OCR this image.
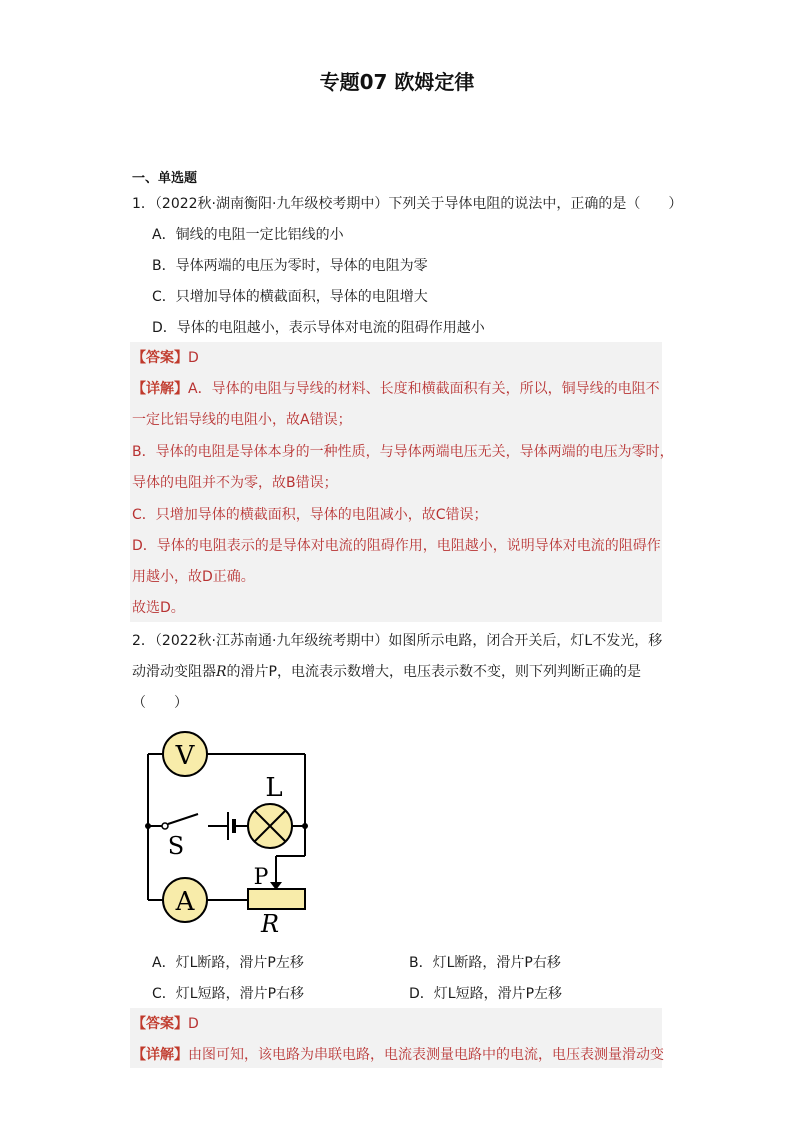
专题07 欧姆定律
一、单选题
1．（2022秋·湖南衡阳·九年级校考期中）下列关于导体电阻的说法中，正确的是（　　）
A．铜线的电阻一定比铝线的小
B．导体两端的电压为零时，导体的电阻为零
C．只增加导体的横截面积，导体的电阻增大
D．导体的电阻越小，表示导体对电流的阻碍作用越小
【答案】D
【详解】A．导体的电阻与导线的材料、长度和横截面积有关，所以，铜导线的电阻不
一定比铝导线的电阻小，故A错误；
B．导体的电阻是导体本身的一种性质，与导体两端电压无关，导体两端的电压为零时，
导体的电阻并不为零，故B错误；
C．只增加导体的横截面积，导体的电阻减小，故C错误；
D．导体的电阻表示的是导体对电流的阻碍作用，电阻越小，说明导体对电流的阻碍作
用越小，故D正确。
故选D。
2．（2022秋·江苏南通·九年级统考期中）如图所示电路，闭合开关后，灯L不发光，移
动滑动变阻器R的滑片P，电流表示数增大，电压表示数不变，则下列判断正确的是
（　　）
V
L
S
A
P
R
A．灯L断路，滑片P左移	B．灯L断路，滑片P右移
C．灯L短路，滑片P右移	D．灯L短路，滑片P左移
【答案】D
【详解】由图可知，该电路为串联电路，电流表测量电路中的电流，电压表测量滑动变
